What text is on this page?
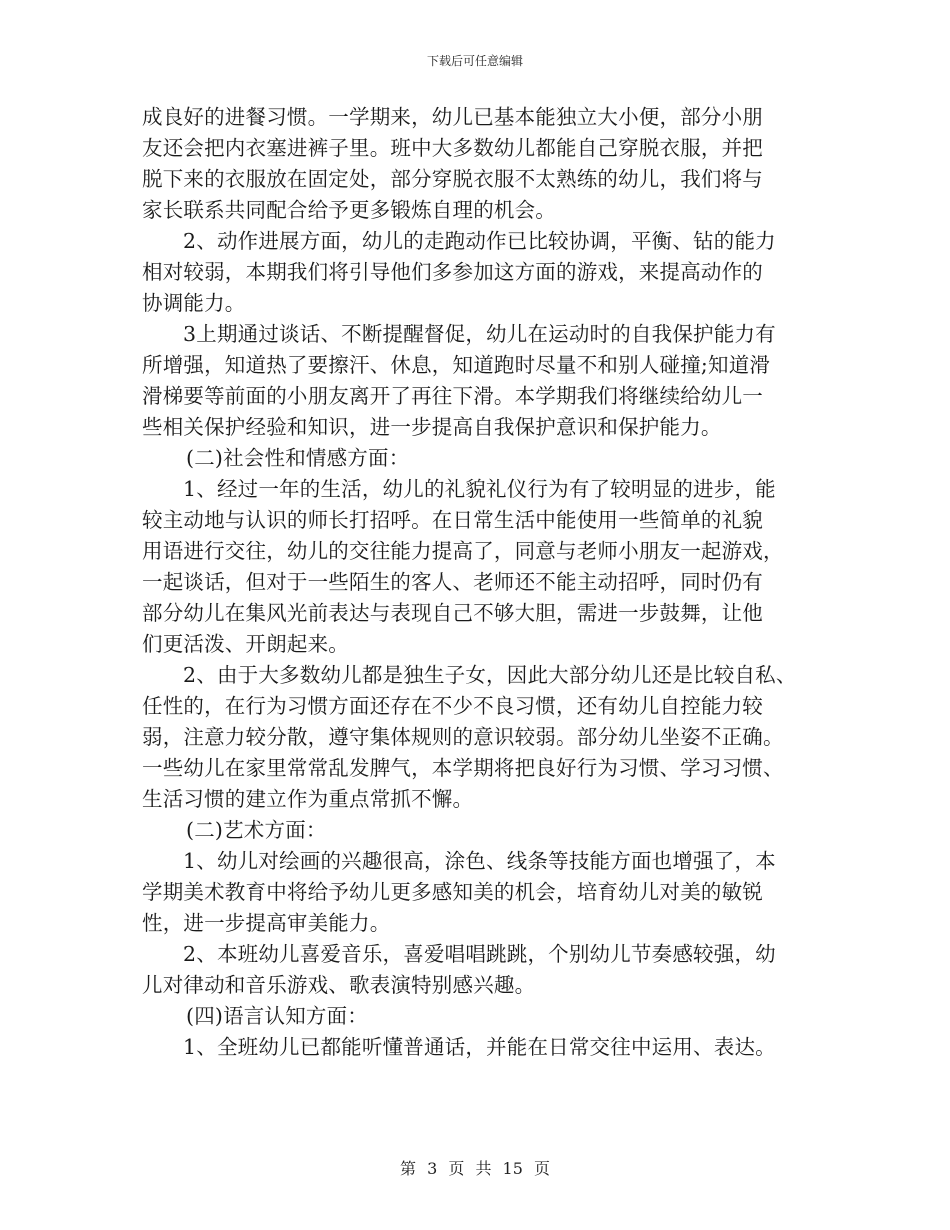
下载后可任意编辑
成良好的进餐习惯。一学期来，幼儿已基本能独立大小便，部分小朋
友还会把内衣塞进裤子里。班中大多数幼儿都能自己穿脱衣服，并把
脱下来的衣服放在固定处，部分穿脱衣服不太熟练的幼儿，我们将与
家长联系共同配合给予更多锻炼自理的机会。
2、动作进展方面，幼儿的走跑动作已比较协调，平衡、钻的能力
相对较弱，本期我们将引导他们多参加这方面的游戏，来提高动作的
协调能力。
3上期通过谈话、不断提醒督促，幼儿在运动时的自我保护能力有
所增强，知道热了要擦汗、休息，知道跑时尽量不和别人碰撞;知道滑
滑梯要等前面的小朋友离开了再往下滑。本学期我们将继续给幼儿一
些相关保护经验和知识，进一步提高自我保护意识和保护能力。
(二)社会性和情感方面：
1、经过一年的生活，幼儿的礼貌礼仪行为有了较明显的进步，能
较主动地与认识的师长打招呼。在日常生活中能使用一些简单的礼貌
用语进行交往，幼儿的交往能力提高了，同意与老师小朋友一起游戏，
一起谈话，但对于一些陌生的客人、老师还不能主动招呼，同时仍有
部分幼儿在集风光前表达与表现自己不够大胆，需进一步鼓舞，让他
们更活泼、开朗起来。
2、由于大多数幼儿都是独生子女，因此大部分幼儿还是比较自私、
任性的，在行为习惯方面还存在不少不良习惯，还有幼儿自控能力较
弱，注意力较分散，遵守集体规则的意识较弱。部分幼儿坐姿不正确。
一些幼儿在家里常常乱发脾气，本学期将把良好行为习惯、学习习惯、
生活习惯的建立作为重点常抓不懈。
(二)艺术方面：
1、幼儿对绘画的兴趣很高，涂色、线条等技能方面也增强了，本
学期美术教育中将给予幼儿更多感知美的机会，培育幼儿对美的敏锐
性，进一步提高审美能力。
2、本班幼儿喜爱音乐，喜爱唱唱跳跳，个别幼儿节奏感较强，幼
儿对律动和音乐游戏、歌表演特别感兴趣。
(四)语言认知方面：
1、全班幼儿已都能听懂普通话，并能在日常交往中运用、表达。
第 3 页 共 15 页
